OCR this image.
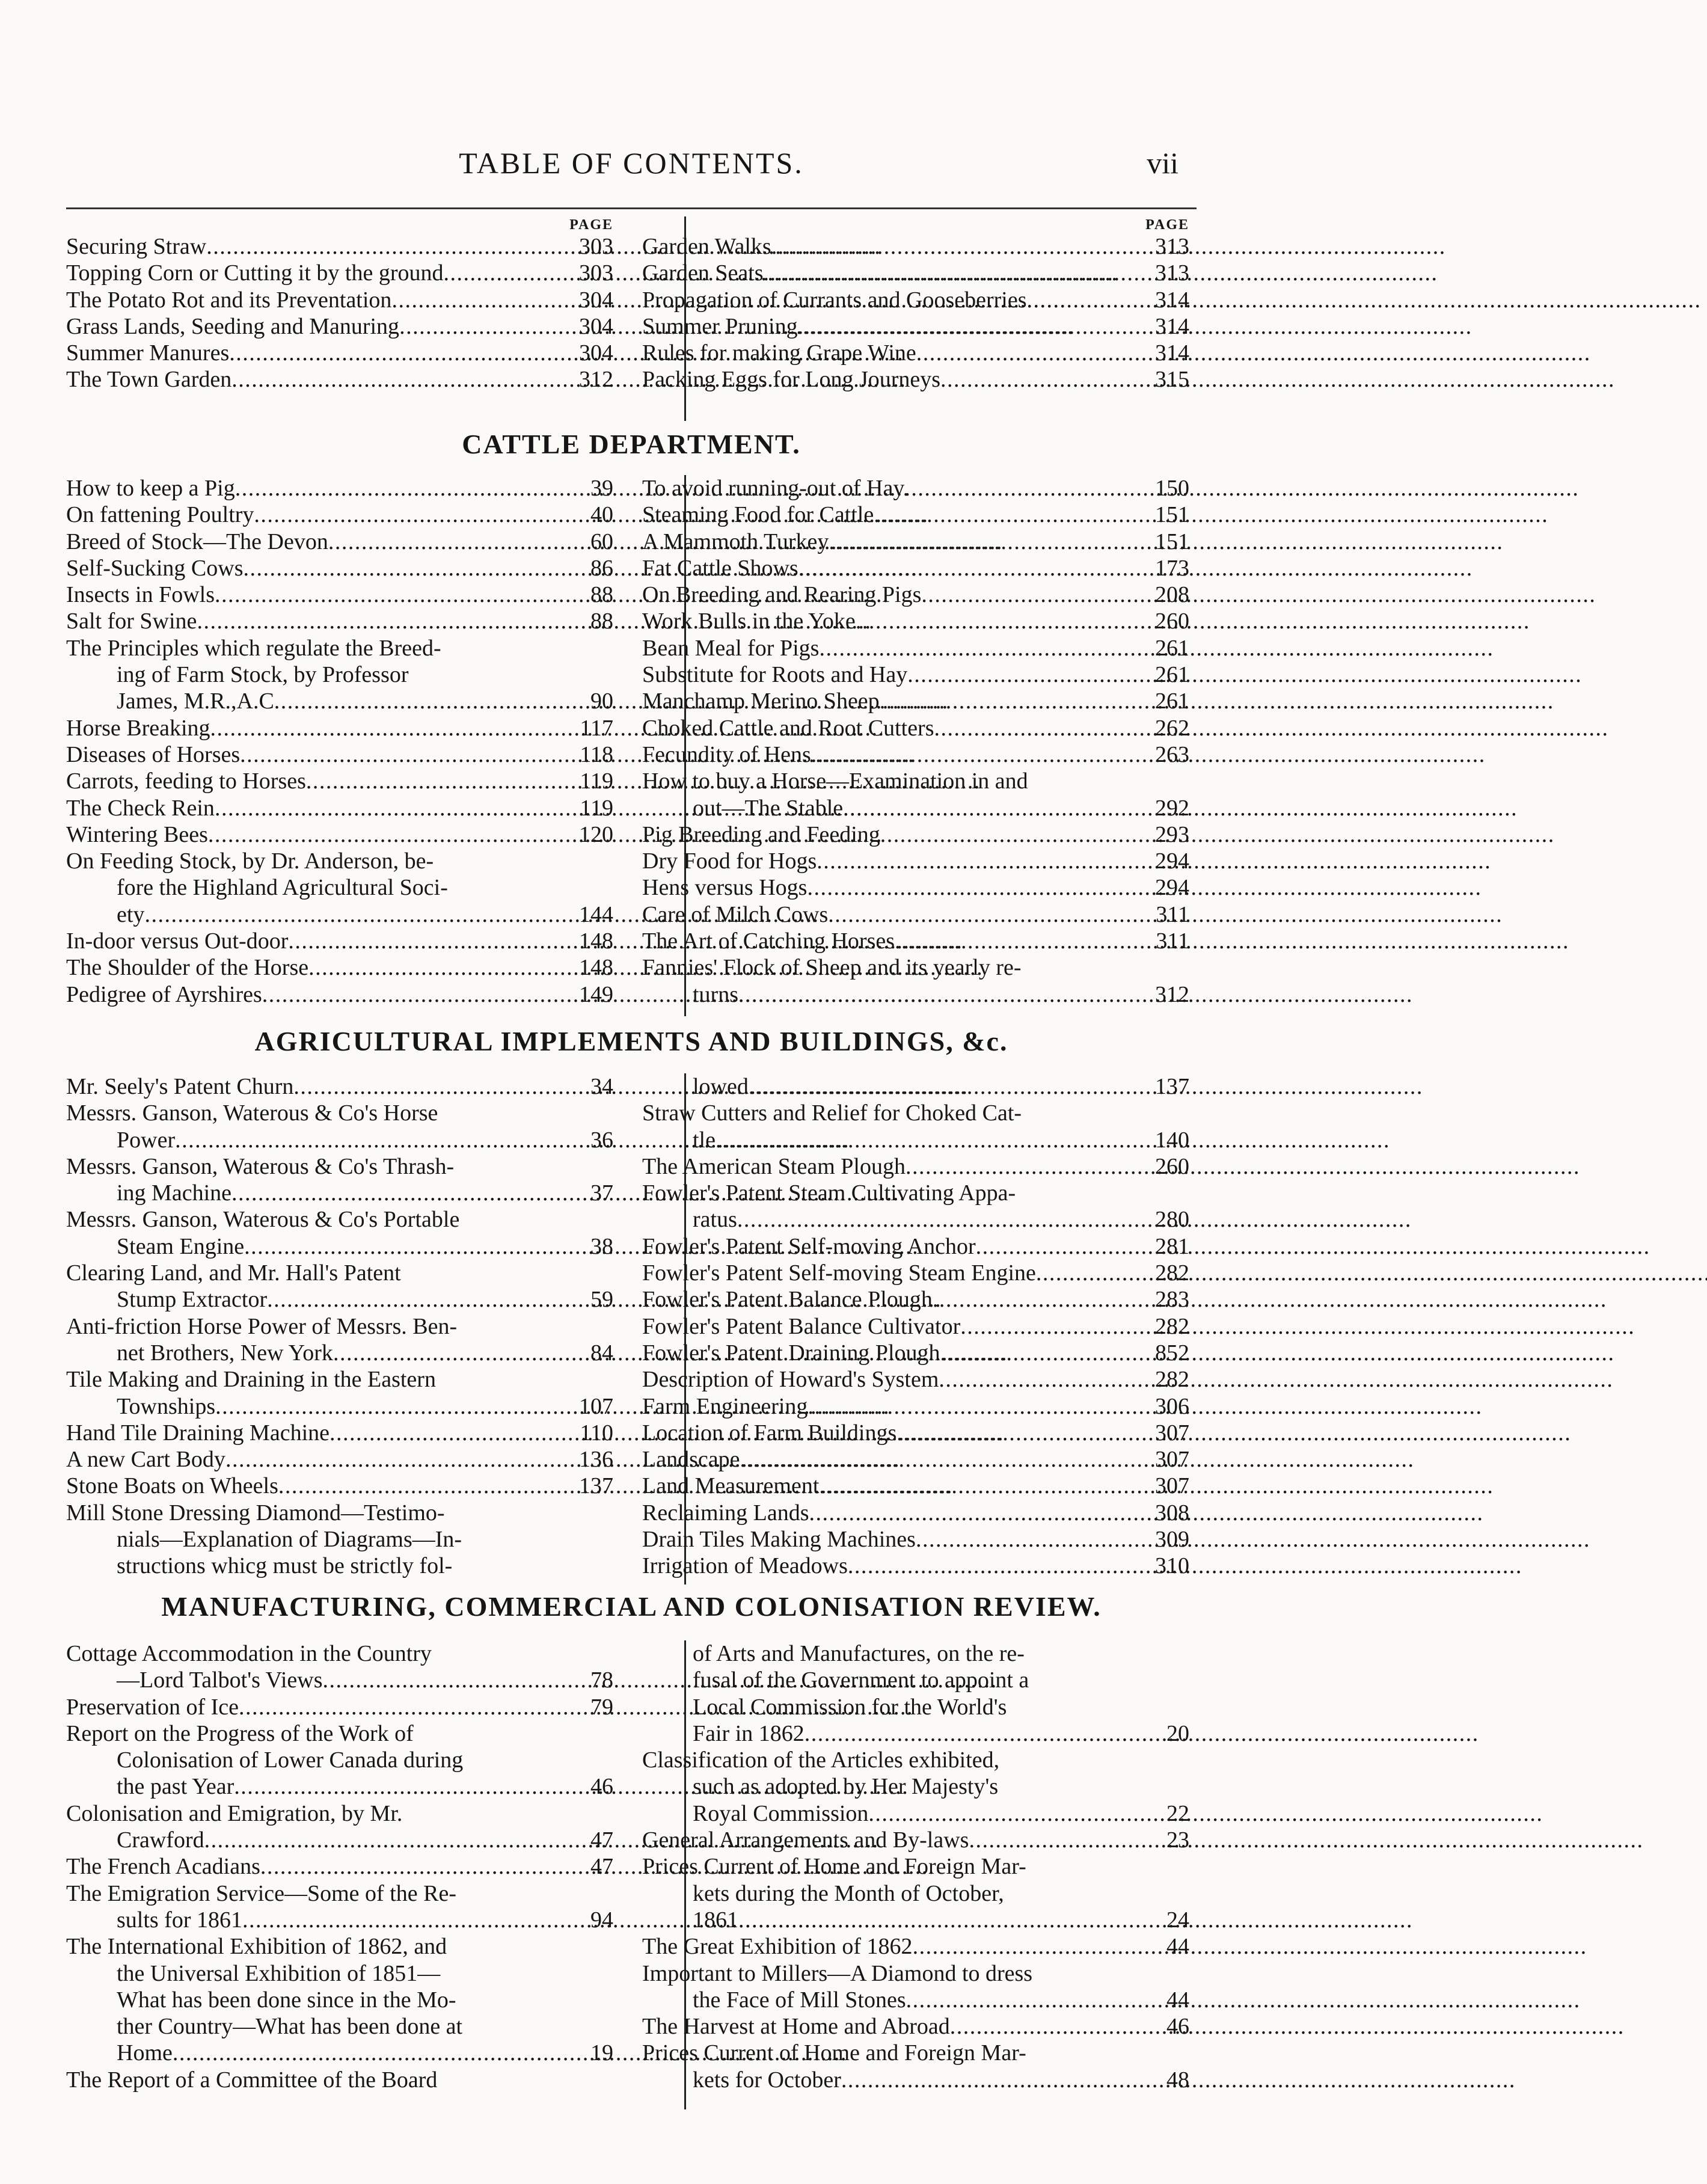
TABLE OF CONTENTS.	vii
PAGE
Securing Straw . . .	303
Topping Corn or Cutting it by the ground . . .	303
The Potato Rot and its Preventation . . .	304
Grass Lands, Seeding and Manuring . . .	304
Summer Manures . . .	304
The Town Garden . . .	312
PAGE
Garden Walks . . .	313
Garden Seats . . .	313
Propagation of Currants and Gooseberries . . .	314
Summer Pruning . . .	314
Rules for making Grape Wine . . .	314
Packing Eggs for Long Journeys . . .	315
CATTLE DEPARTMENT.
How to keep a Pig . . .	39
On fattening Poultry . . .	40
Breed of Stock—The Devon . . .	60
Self-Sucking Cows . . .	86
Insects in Fowls . . .	88
Salt for Swine . . .	88
The Principles which regulate the Breed-
ing of Farm Stock, by Professor
James, M.R.,A.C . . .	90
Horse Breaking . . .	117
Diseases of Horses . . .	118
Carrots, feeding to Horses . . .	119
The Check Rein . . .	119
Wintering Bees . . .	120
On Feeding Stock, by Dr. Anderson, be-
fore the Highland Agricultural Soci-
ety . . .	144
In-door versus Out-door . . .	148
The Shoulder of the Horse . . .	148
Pedigree of Ayrshires . . .	149
To avoid running-out of Hay . . .	150
Steaming Food for Cattle . . .	151
A Mammoth Turkey . . .	151
Fat Cattle Shows . . .	173
On Breeding and Rearing Pigs . . .	208
Work Bulls in the Yoke . . .	260
Bean Meal for Pigs . . .	261
Substitute for Roots and Hay . . .	261
Manchamp Merino Sheep . . .	261
Choked Cattle and Root Cutters . . .	262
Fecundity of Hens . . .	263
How to buy a Horse—Examination in and
out—The Stable . . .	292
Pig Breeding and Feeding . . .	293
Dry Food for Hogs . . .	294
Hens versus Hogs . . .	294
Care of Milch Cows . . .	311
The Art of Catching Horses . . .	311
Fannies' Flock of Sheep and its yearly re-
turns . . .	312
AGRICULTURAL IMPLEMENTS AND BUILDINGS, &c.
Mr. Seely's Patent Churn . . .	34
Messrs. Ganson, Waterous & Co's Horse
Power . . .	36
Messrs. Ganson, Waterous & Co's Thrash-
ing Machine . . .	37
Messrs. Ganson, Waterous & Co's Portable
Steam Engine . . .	38
Clearing Land, and Mr. Hall's Patent
Stump Extractor . . .	59
Anti-friction Horse Power of Messrs. Ben-
net Brothers, New York . . .	84
Tile Making and Draining in the Eastern
Townships . . .	107
Hand Tile Draining Machine . . .	110
A new Cart Body . . .	136
Stone Boats on Wheels . . .	137
Mill Stone Dressing Diamond—Testimo-
nials—Explanation of Diagrams—In-
structions whicg must be strictly fol-
lowed . . .	137
Straw Cutters and Relief for Choked Cat-
tle . . .	140
The American Steam Plough . . .	260
Fowler's Patent Steam Cultivating Appa-
ratus . . .	280
Fowler's Patent Self-moving Anchor . . .	281
Fowler's Patent Self-moving Steam Engine . . .	282
Fowler's Patent Balance Plough . . .	283
Fowler's Patent Balance Cultivator . . .	282
Fowler's Patent Draining Plough . . .	852
Description of Howard's System . . .	282
Farm Engineering . . .	306
Location of Farm Buildings . . .	307
Landscape . . .	307
Land Measurement . . .	307
Reclaiming Lands . . .	308
Drain Tiles Making Machines . . .	309
Irrigation of Meadows . . .	310
MANUFACTURING, COMMERCIAL AND COLONISATION REVIEW.
Cottage Accommodation in the Country
—Lord Talbot's Views . . .	78
Preservation of Ice . . .	79
Report on the Progress of the Work of
Colonisation of Lower Canada during
the past Year . . .	46
Colonisation and Emigration, by Mr.
Crawford . . .	47
The French Acadians . . .	47
The Emigration Service—Some of the Re-
sults for 1861 . . .	94
The International Exhibition of 1862, and
the Universal Exhibition of 1851—
What has been done since in the Mo-
ther Country—What has been done at
Home . . .	19
The Report of a Committee of the Board
of Arts and Manufactures, on the re-
fusal of the Government to appoint a
Local Commission for the World's
Fair in 1862 . . .	20
Classification of the Articles exhibited,
such as adopted by Her Majesty's
Royal Commission . . .	22
General Arrangements and By-laws . . .	23
Prices Current of Home and Foreign Mar-
kets during the Month of October,
1861 . . .	24
The Great Exhibition of 1862 . . .	44
Important to Millers—A Diamond to dress
the Face of Mill Stones . . .	44
The Harvest at Home and Abroad . . .	46
Prices Current of Home and Foreign Mar-
kets for October . . .	48
